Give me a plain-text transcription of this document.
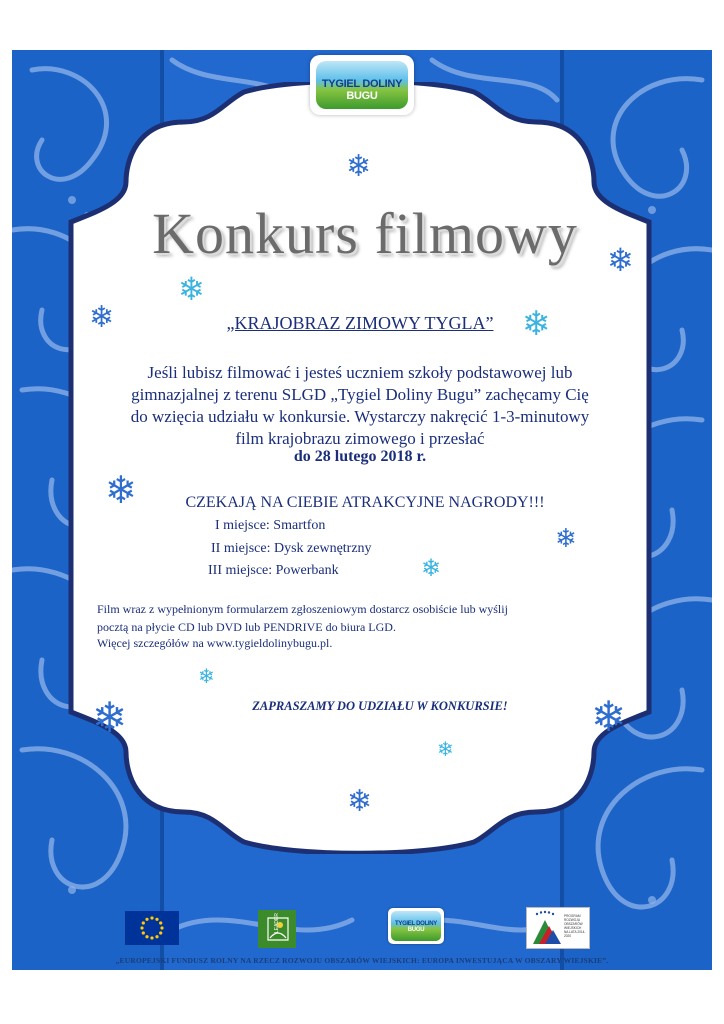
TYGIEL DOLINY BUGU
Konkurs filmowy
„KRAJOBRAZ ZIMOWY TYGLA”
Jeśli lubisz filmować i jesteś uczniem szkoły podstawowej lub
gimnazjalnej z terenu SLGD „Tygiel Doliny Bugu” zachęcamy Cię
do wzięcia udziału w konkursie. Wystarczy nakręcić 1-3-minutowy
film krajobrazu zimowego i przesłać
do 28 lutego 2018 r.
CZEKAJĄ NA CIEBIE ATRAKCYJNE NAGRODY!!!
I miejsce: Smartfon
II miejsce: Dysk zewnętrzny
III miejsce: Powerbank
Film wraz z wypełnionym formularzem zgłoszeniowym dostarcz osobiście lub wyślij
pocztą na płycie CD lub DVD lub PENDRIVE do biura LGD.
Więcej szczegółów na www.tygieldolinybugu.pl.
ZAPRASZAMY DO UDZIAŁU W KONKURSIE!
❄
❄
❄	❄
❄
❄
❄
❄
❄
❄	❄
❄
❄
LEADER	TYGIEL DOLINY BUGU
PROGRAM
ROZWOJU
OBSZARÓW
WIEJSKICH
NA LATA 2014-2020
„EUROPEJSKI FUNDUSZ ROLNY NA RZECZ ROZWOJU OBSZARÓW WIEJSKICH: EUROPA INWESTUJĄCA W OBSZARY WIEJSKIE”.
